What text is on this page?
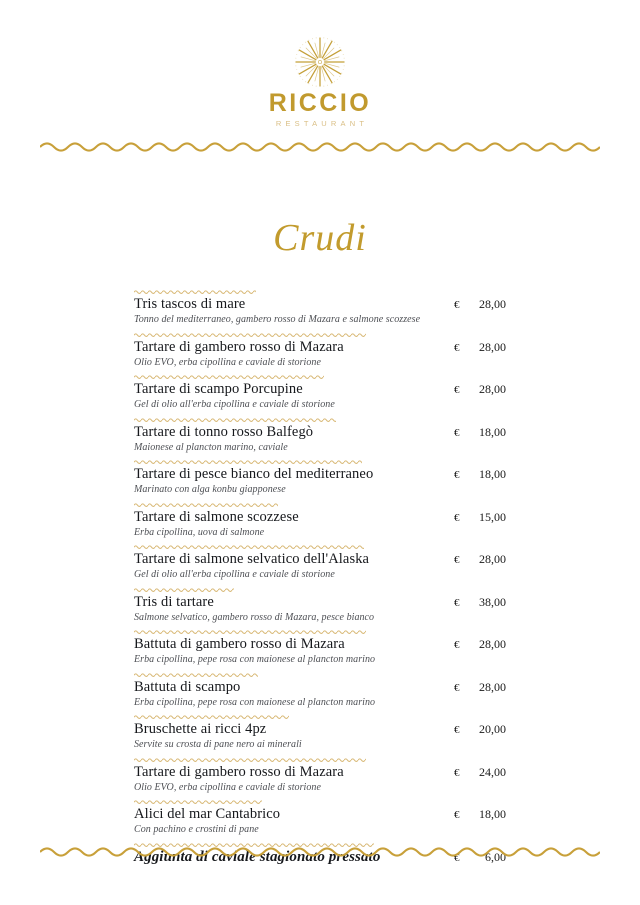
RICCIO
RESTAURANT
Crudi
Tris tascos di mare	€	28,00
Tonno del mediterraneo, gambero rosso di Mazara e salmone scozzese
Tartare di gambero rosso di Mazara	€	28,00
Olio EVO, erba cipollina e caviale di storione
Tartare di scampo Porcupine	€	28,00
Gel di olio all'erba cipollina e caviale di storione
Tartare di tonno rosso Balfegò	€	18,00
Maionese al plancton marino, caviale
Tartare di pesce bianco del mediterraneo	€	18,00
Marinato con alga konbu giapponese
Tartare di salmone scozzese	€	15,00
Erba cipollina, uova di salmone
Tartare di salmone selvatico dell'Alaska	€	28,00
Gel di olio all'erba cipollina e caviale di storione
Tris di tartare	€	38,00
Salmone selvatico, gambero rosso di Mazara, pesce bianco
Battuta di gambero rosso di Mazara	€	28,00
Erba cipollina, pepe rosa con maionese al plancton marino
Battuta di scampo	€	28,00
Erba cipollina, pepe rosa con maionese al plancton marino
Bruschette ai ricci 4pz	€	20,00
Servite su crosta di pane nero ai minerali
Tartare di gambero rosso di Mazara	€	24,00
Olio EVO, erba cipollina e caviale di storione
Alici del mar Cantabrico	€	18,00
Con pachino e crostini di pane
Aggiunta di caviale stagionato pressato	€	6,00
